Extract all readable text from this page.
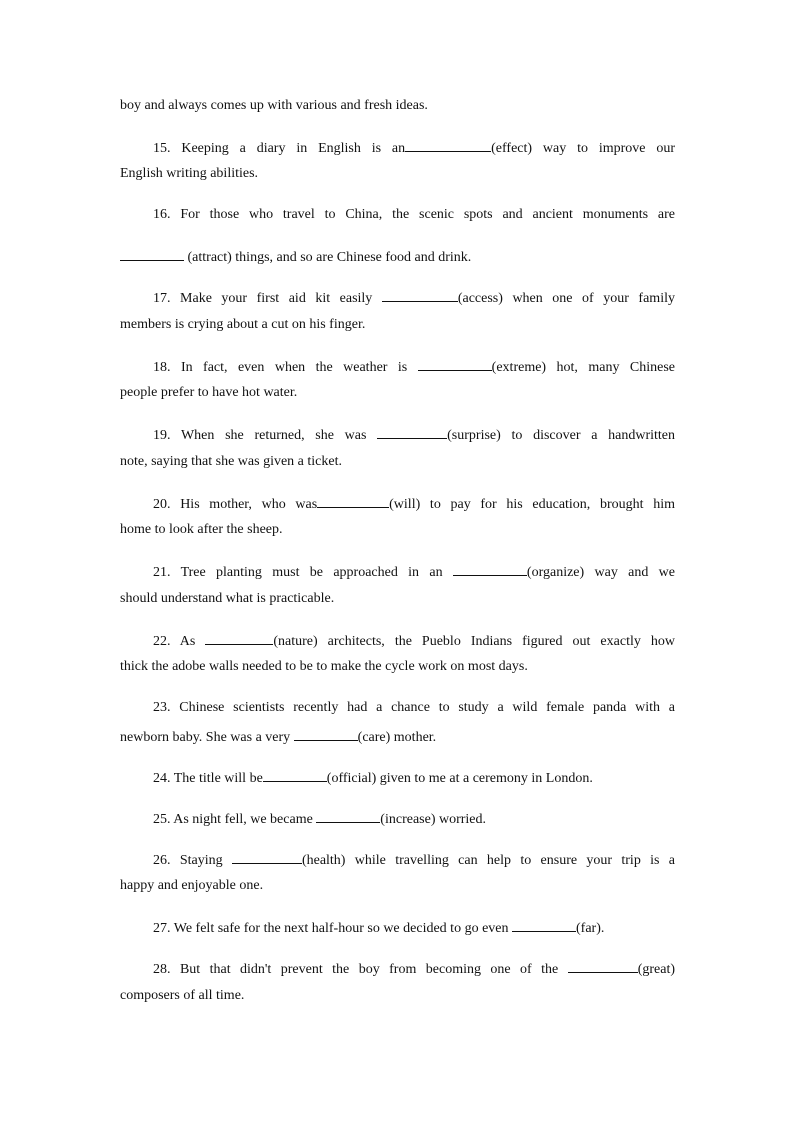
boy and always comes up with various and fresh ideas.
15. Keeping a diary in English is an	(effect) way to improve our
English writing abilities.
16. For those who travel to China, the scenic spots and ancient monuments are
(attract) things, and so are Chinese food and drink.
17. Make your first aid kit easily	(access) when one of your family
members is crying about a cut on his finger.
18. In fact, even when the weather is	(extreme) hot, many Chinese
people prefer to have hot water.
19. When she returned, she was	(surprise) to discover a handwritten
note, saying that she was given a ticket.
20. His mother, who was	(will) to pay for his education, brought him
home to look after the sheep.
21. Tree planting must be approached in an	(organize) way and we
should understand what is practicable.
22. As	(nature) architects, the Pueblo Indians figured out exactly how
thick the adobe walls needed to be to make the cycle work on most days.
23. Chinese scientists recently had a chance to study a wild female panda with a
newborn baby. She was a very	(care) mother.
24. The title will be	(official) given to me at a ceremony in London.
25. As night fell, we became	(increase) worried.
26. Staying	(health) while travelling can help to ensure your trip is a
happy and enjoyable one.
27. We felt safe for the next half-hour so we decided to go even	(far).
28. But that didn't prevent the boy from becoming one of the	(great)
composers of all time.
